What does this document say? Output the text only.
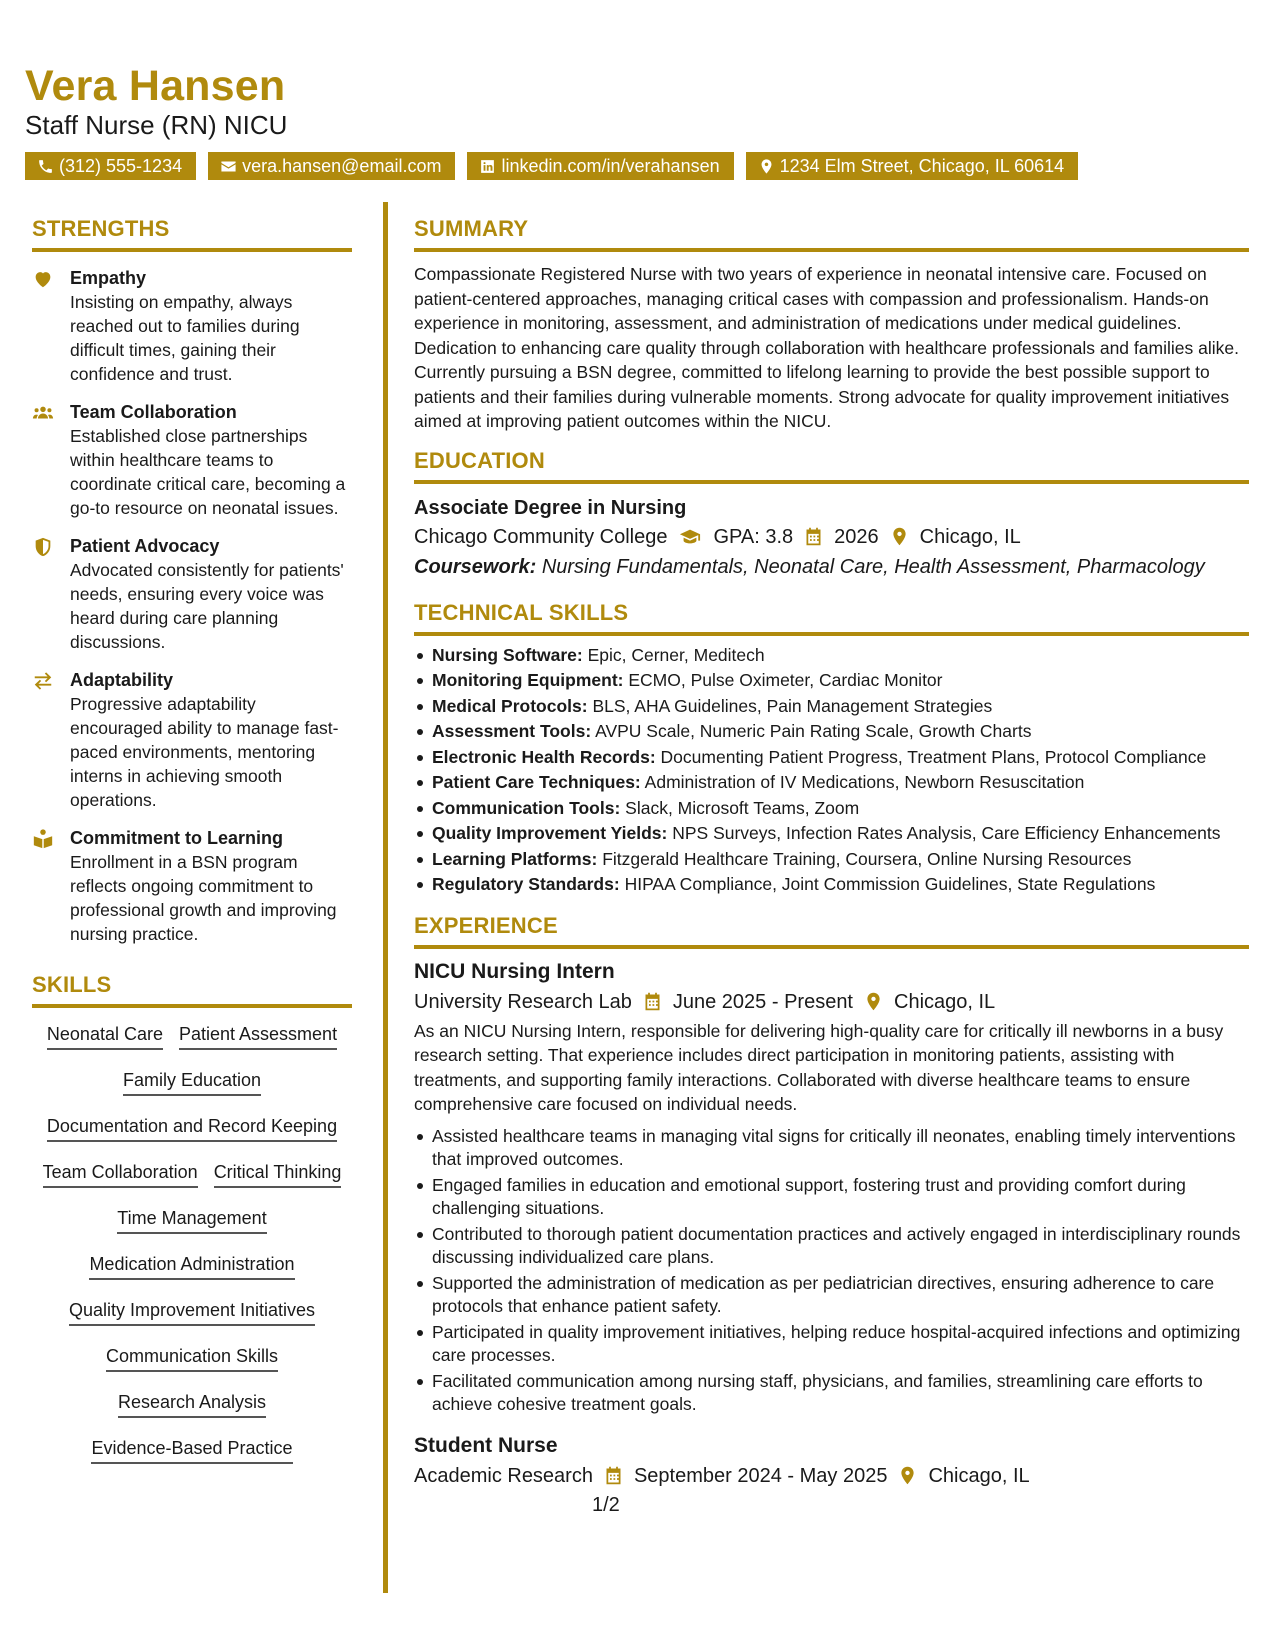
Vera Hansen
Staff Nurse (RN) NICU
(312) 555-1234	vera.hansen@email.com	linkedin.com/in/verahansen	1234 Elm Street, Chicago, IL 60614
STRENGTHS
Empathy
Insisting on empathy, always reached out to families during difficult times, gaining their confidence and trust.
Team Collaboration
Established close partnerships within healthcare teams to coordinate critical care, becoming a go-to resource on neonatal issues.
Patient Advocacy
Advocated consistently for patients' needs, ensuring every voice was heard during care planning discussions.
Adaptability
Progressive adaptability encouraged ability to manage fast-paced environments, mentoring interns in achieving smooth operations.
Commitment to Learning
Enrollment in a BSN program reflects ongoing commitment to professional growth and improving nursing practice.
SKILLS
Neonatal Care Patient Assessment
Family Education
Documentation and Record Keeping
Team Collaboration Critical Thinking
Time Management
Medication Administration
Quality Improvement Initiatives
Communication Skills
Research Analysis
Evidence-Based Practice
SUMMARY
Compassionate Registered Nurse with two years of experience in neonatal intensive care. Focused on patient-centered approaches, managing critical cases with compassion and professionalism. Hands-on experience in monitoring, assessment, and administration of medications under medical guidelines. Dedication to enhancing care quality through collaboration with healthcare professionals and families alike. Currently pursuing a BSN degree, committed to lifelong learning to provide the best possible support to patients and their families during vulnerable moments. Strong advocate for quality improvement initiatives aimed at improving patient outcomes within the NICU.
EDUCATION
Associate Degree in Nursing
Chicago Community College GPA: 3.8 2026 Chicago, IL
Coursework: Nursing Fundamentals, Neonatal Care, Health Assessment, Pharmacology
TECHNICAL SKILLS
Nursing Software: Epic, Cerner, Meditech
Monitoring Equipment: ECMO, Pulse Oximeter, Cardiac Monitor
Medical Protocols: BLS, AHA Guidelines, Pain Management Strategies
Assessment Tools: AVPU Scale, Numeric Pain Rating Scale, Growth Charts
Electronic Health Records: Documenting Patient Progress, Treatment Plans, Protocol Compliance
Patient Care Techniques: Administration of IV Medications, Newborn Resuscitation
Communication Tools: Slack, Microsoft Teams, Zoom
Quality Improvement Yields: NPS Surveys, Infection Rates Analysis, Care Efficiency Enhancements
Learning Platforms: Fitzgerald Healthcare Training, Coursera, Online Nursing Resources
Regulatory Standards: HIPAA Compliance, Joint Commission Guidelines, State Regulations
EXPERIENCE
NICU Nursing Intern
University Research Lab June 2025 - Present Chicago, IL
As an NICU Nursing Intern, responsible for delivering high-quality care for critically ill newborns in a busy research setting. That experience includes direct participation in monitoring patients, assisting with treatments, and supporting family interactions. Collaborated with diverse healthcare teams to ensure comprehensive care focused on individual needs.
Assisted healthcare teams in managing vital signs for critically ill neonates, enabling timely interventions that improved outcomes.
Engaged families in education and emotional support, fostering trust and providing comfort during challenging situations.
Contributed to thorough patient documentation practices and actively engaged in interdisciplinary rounds discussing individualized care plans.
Supported the administration of medication as per pediatrician directives, ensuring adherence to care protocols that enhance patient safety.
Participated in quality improvement initiatives, helping reduce hospital-acquired infections and optimizing care processes.
Facilitated communication among nursing staff, physicians, and families, streamlining care efforts to achieve cohesive treatment goals.
Student Nurse
Academic Research September 2024 - May 2025 Chicago, IL
1/2
